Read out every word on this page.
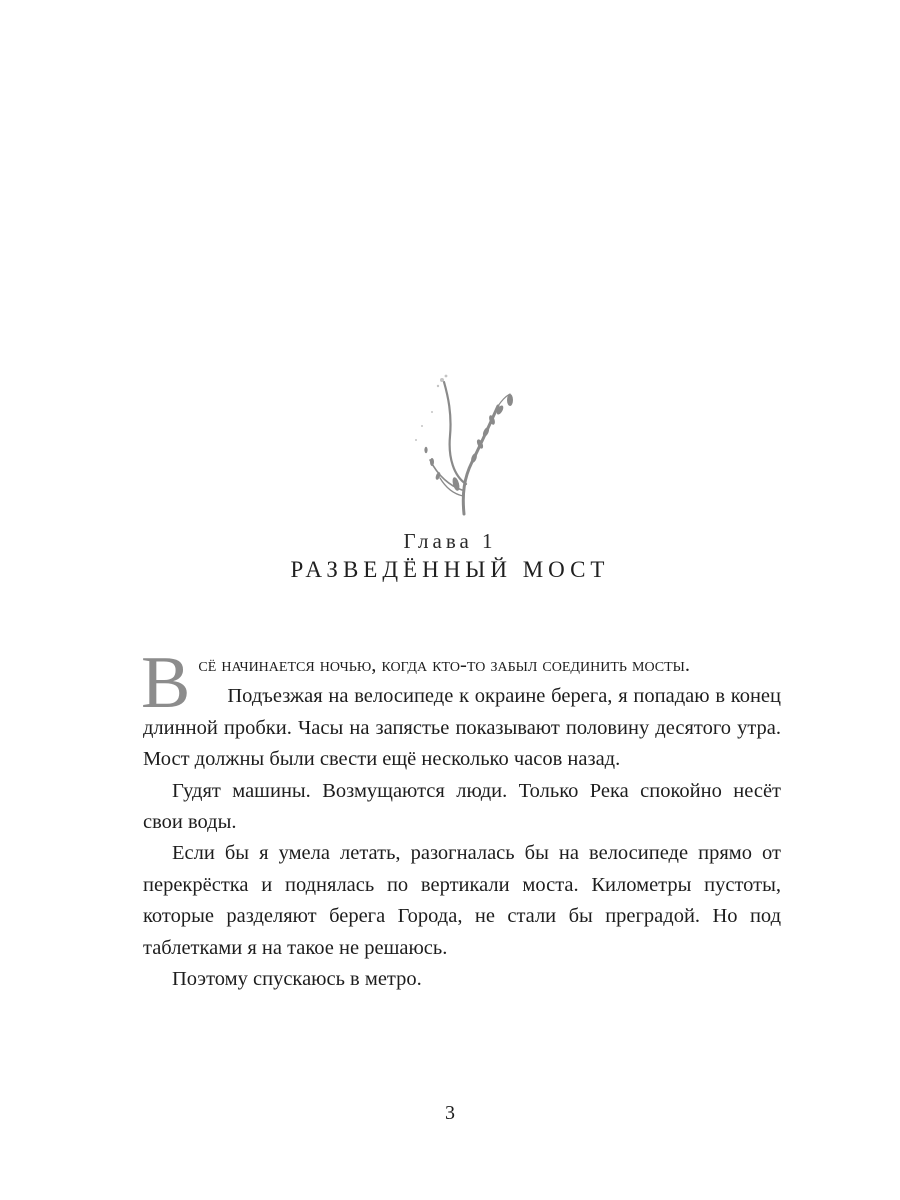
Глава 1
РАЗВЕДЁННЫЙ МОСТ

Всё начинается ночью, когда кто-то забыл соединить мосты.

Подъезжая на велосипеде к окраине берега, я попадаю в конец длинной пробки. Часы на запястье показывают половину десятого утра. Мост должны были свести ещё несколько часов назад.

Гудят машины. Возмущаются люди. Только Река спокойно несёт свои воды.

Если бы я умела летать, разогналась бы на велосипеде прямо от перекрёстка и поднялась по вертикали моста. Километры пустоты, которые разделяют берега Города, не стали бы преградой. Но под таблетками я на такое не решаюсь.

Поэтому спускаюсь в метро.

3
